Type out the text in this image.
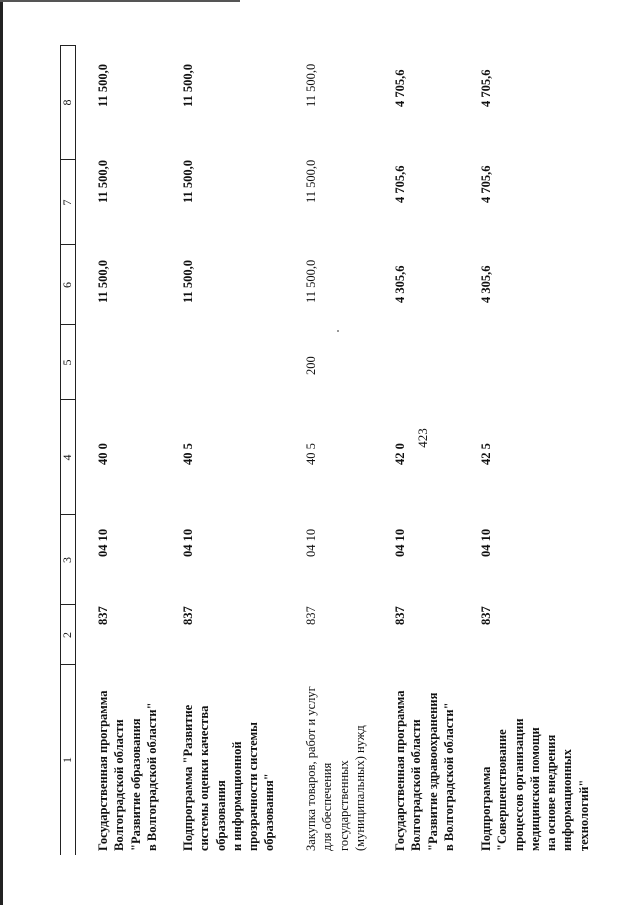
423
1
2
3
4
5
6
7
8
Государственная программа
Волгоградской области
"Развитие образования
в Волгоградской области"
837
04 10
40 0
11 500,0
11 500,0
11 500,0
Подпрограмма "Развитие
системы оценки качества
образования
и информационной
прозрачности системы
образования"
837
04 10
40 5
11 500,0
11 500,0
11 500,0
Закупка товаров, работ и услуг
для обеспечения
государственных
(муниципальных) нужд
837
04 10
40 5
200
11 500,0
11 500,0
11 500,0
Государственная программа
Волгоградской области
"Развитие здравоохранения
в Волгоградской области"
837
04 10
42 0
4 305,6
4 705,6
4 705,6
Подпрограмма
"Совершенствование
процессов организации
медицинской помощи
на основе внедрения
информационных
технологий"
837
04 10
42 5
4 305,6
4 705,6
4 705,6
